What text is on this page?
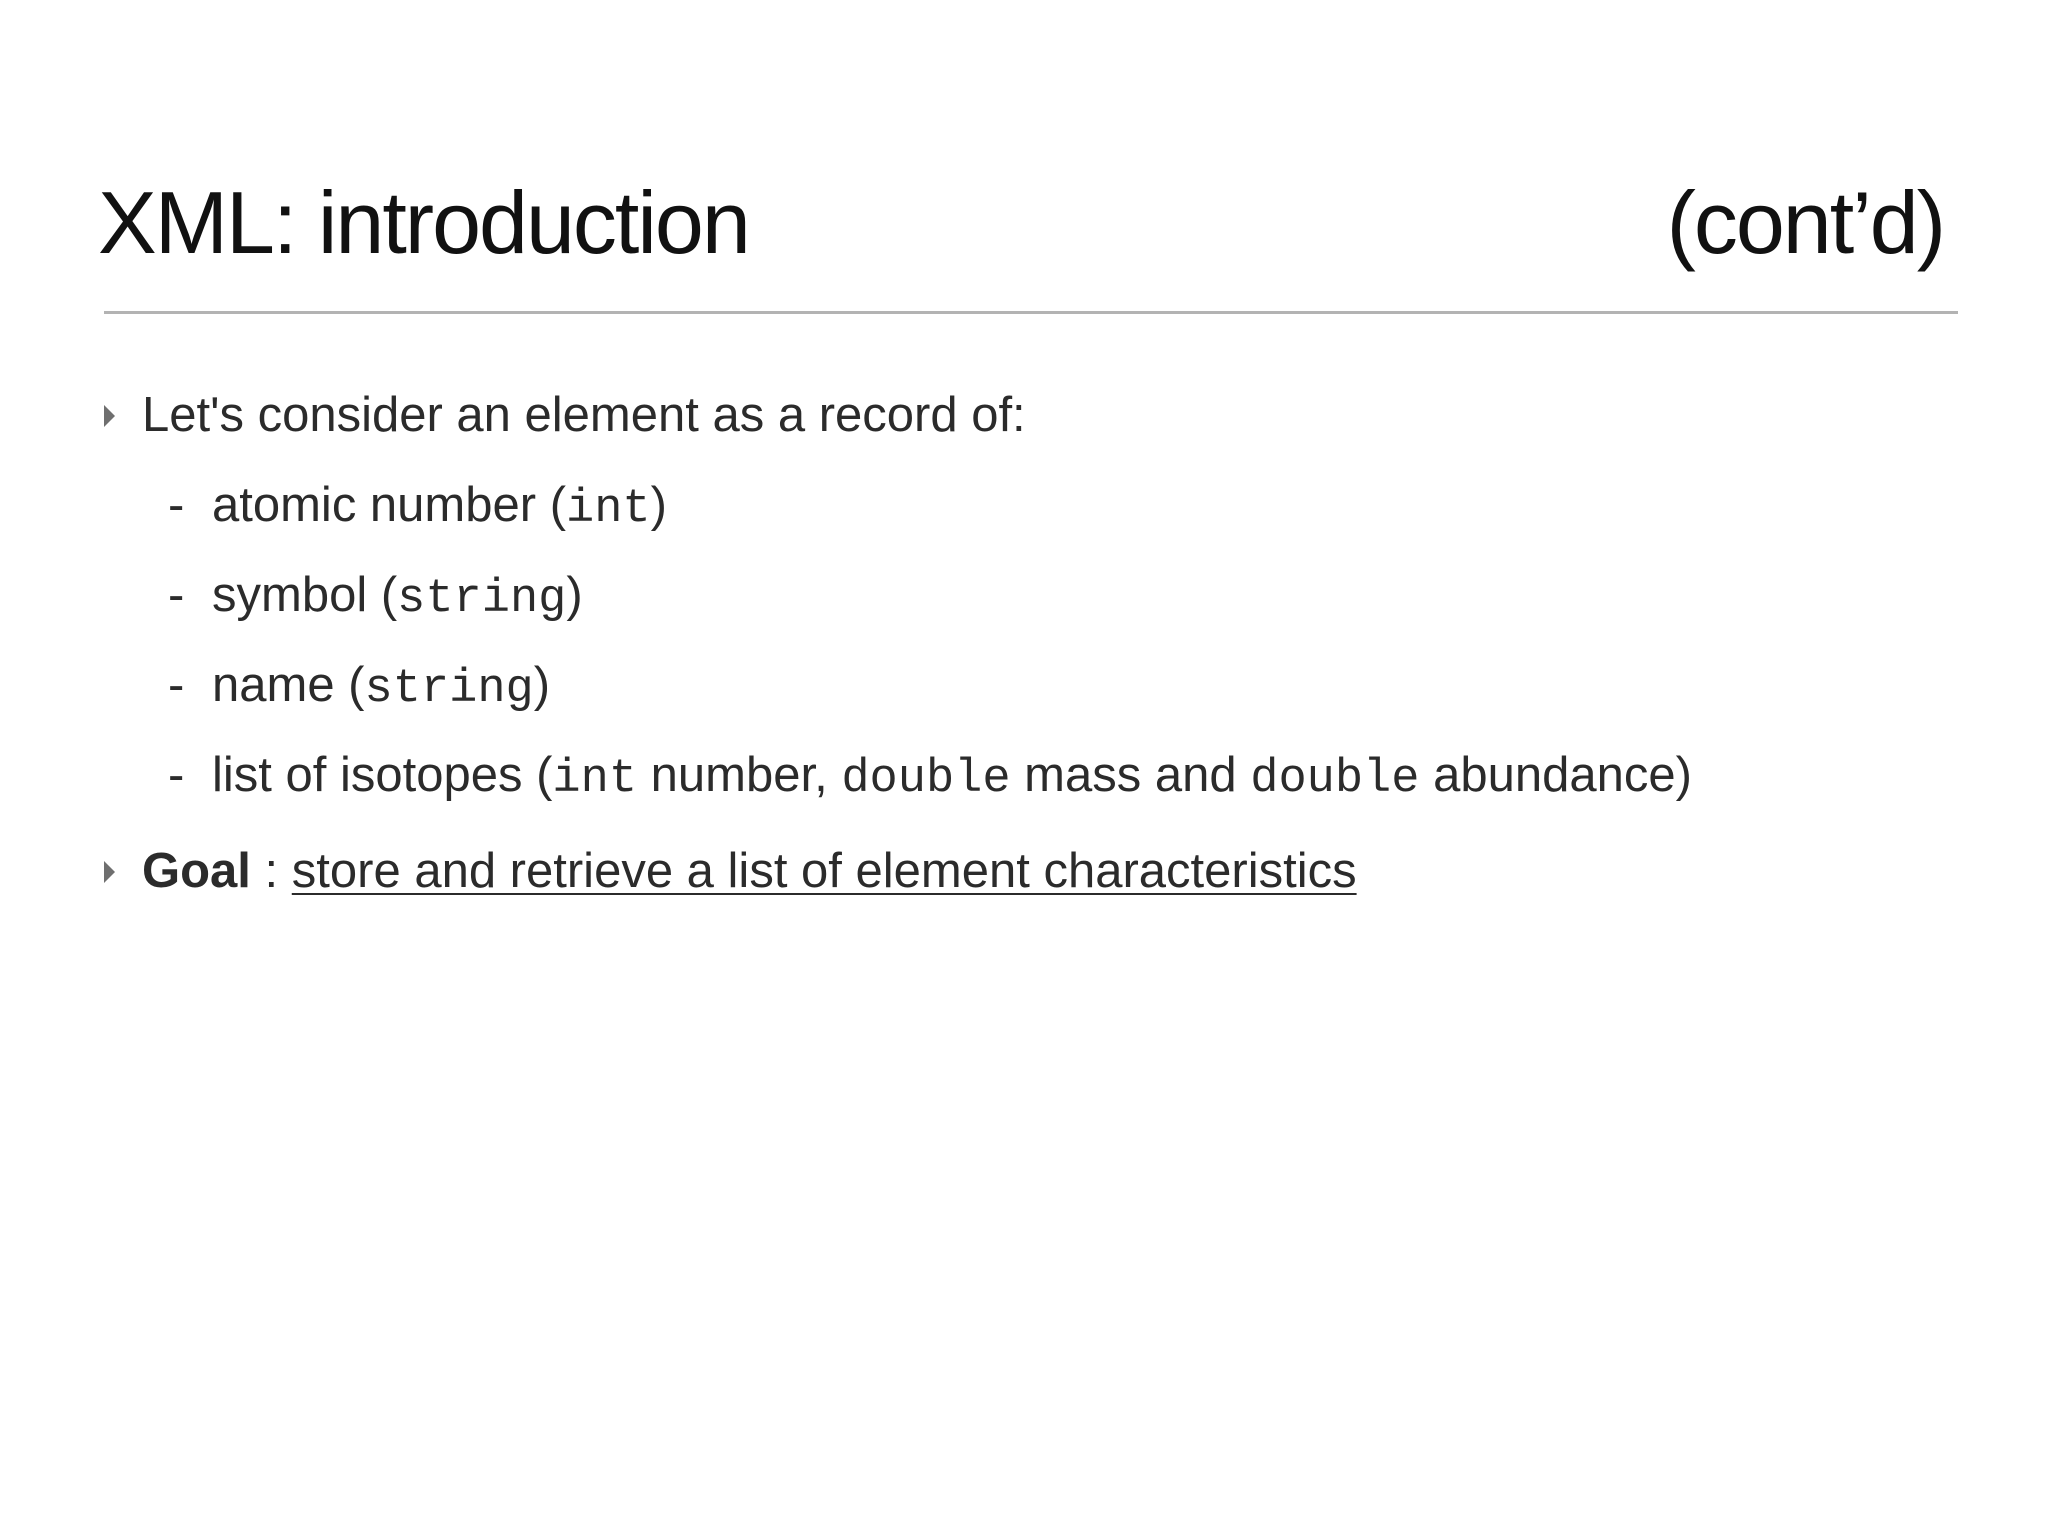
XML: introduction	(cont’d)
Let's consider an element as a record of:
- atomic number (int)
- symbol (string)
- name (string)
- list of isotopes (int number, double mass and double abundance)
Goal : store and retrieve a list of element characteristics
